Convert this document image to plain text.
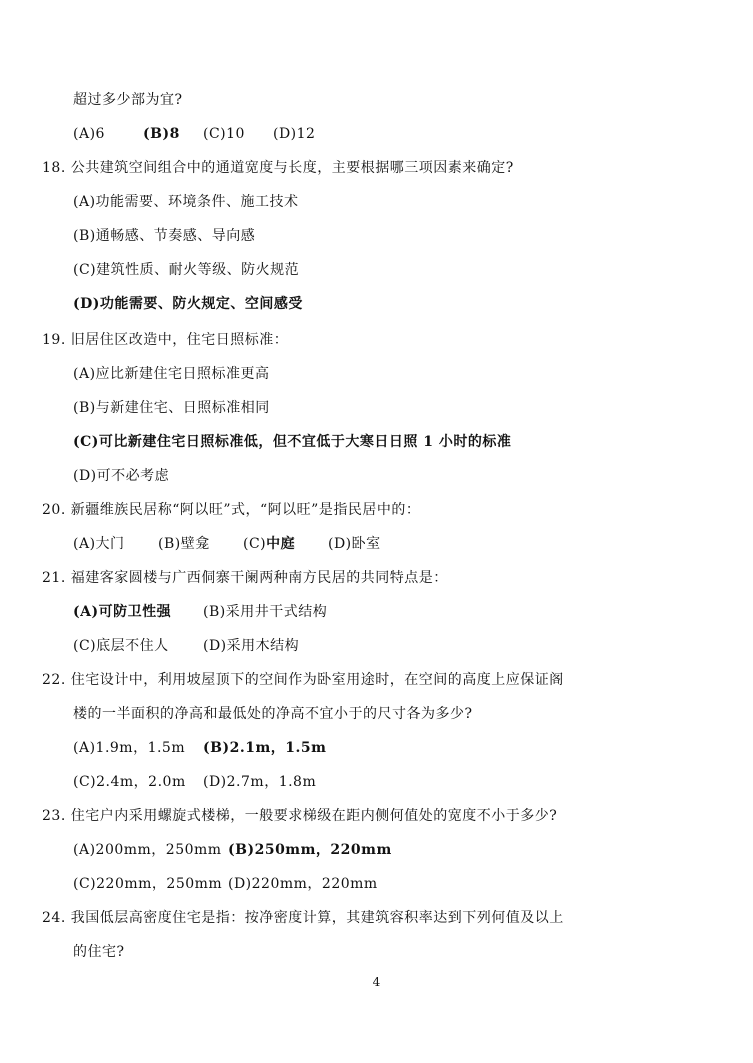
超过多少部为宜?
(A)6	(B)8 (C)10 (D)12
18. 公共建筑空间组合中的通道宽度与长度，主要根据哪三项因素来确定?
(A)功能需要、环境条件、施工技术
(B)通畅感、节奏感、导向感
(C)建筑性质、耐火等级、防火规范
(D)功能需要、防火规定、空间感受
19. 旧居住区改造中，住宅日照标准：
(A)应比新建住宅日照标准更高
(B)与新建住宅、日照标准相同
(C)可比新建住宅日照标准低，但不宜低于大寒日日照 1 小时的标准
(D)可不必考虑
20. 新疆维族民居称“阿以旺”式，“阿以旺”是指民居中的：
(A)大门 (B)壁龛 (C)中庭 (D)卧室
21. 福建客家圆楼与广西侗寨干阑两种南方民居的共同特点是：
(A)可防卫性强 (B)采用井干式结构
(C)底层不住人 (D)采用木结构
22. 住宅设计中，利用坡屋顶下的空间作为卧室用途时，在空间的高度上应保证阁
楼的一半面积的净高和最低处的净高不宜小于的尺寸各为多少?
(A)1.9m，1.5m (B)2.1m，1.5m
(C)2.4m，2.0m (D)2.7m，1.8m
23. 住宅户内采用螺旋式楼梯，一般要求梯级在距内侧何值处的宽度不小于多少?
(A)200mm，250mm (B)250mm，220mm
(C)220mm，250mm (D)220mm，220mm
24. 我国低层高密度住宅是指：按净密度计算，其建筑容积率达到下列何值及以上
的住宅?
4
